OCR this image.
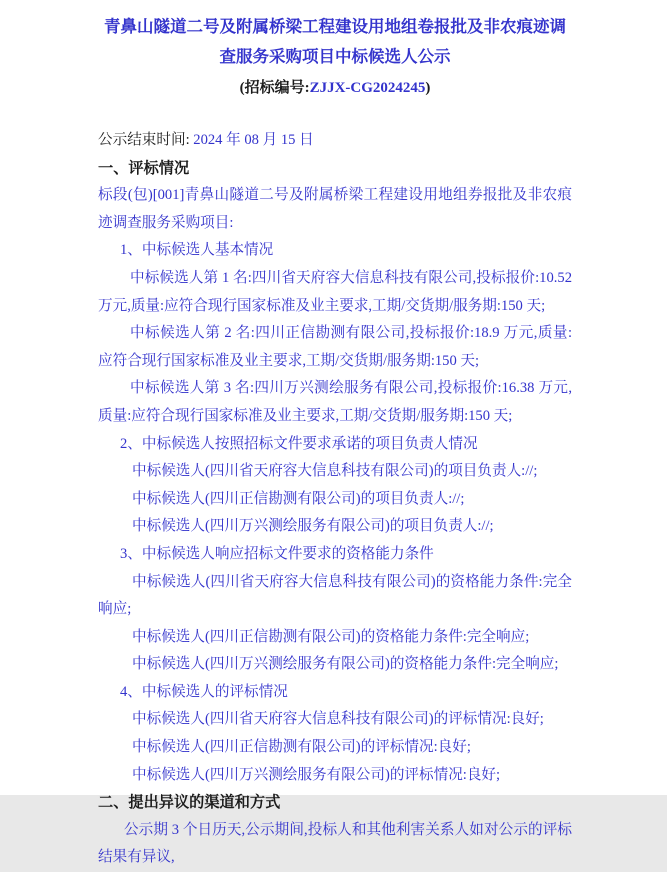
青鼻山隧道二号及附属桥梁工程建设用地组卷报批及非农痕迹调查服务采购项目中标候选人公示
(招标编号:ZJJX-CG2024245)

公示结束时间: 2024 年 08 月 15 日

一、评标情况

标段(包)[001]青鼻山隧道二号及附属桥梁工程建设用地组券报批及非农痕迹调查服务采购项目:

1、中标候选人基本情况

中标候选人第 1 名:四川省天府容大信息科技有限公司,投标报价:10.52 万元,质量:应符合现行国家标准及业主要求,工期/交货期/服务期:150 天;

中标候选人第 2 名:四川正信勘测有限公司,投标报价:18.9 万元,质量:应符合现行国家标准及业主要求,工期/交货期/服务期:150 天;

中标候选人第 3 名:四川万兴测绘服务有限公司,投标报价:16.38 万元,质量:应符合现行国家标准及业主要求,工期/交货期/服务期:150 天;

2、中标候选人按照招标文件要求承诺的项目负责人情况

中标候选人(四川省天府容大信息科技有限公司)的项目负责人://;

中标候选人(四川正信勘测有限公司)的项目负责人://;

中标候选人(四川万兴测绘服务有限公司)的项目负责人://;

3、中标候选人响应招标文件要求的资格能力条件

中标候选人(四川省天府容大信息科技有限公司)的资格能力条件:完全响应;

中标候选人(四川正信勘测有限公司)的资格能力条件:完全响应;

中标候选人(四川万兴测绘服务有限公司)的资格能力条件:完全响应;

4、中标候选人的评标情况

中标候选人(四川省天府容大信息科技有限公司)的评标情况:良好;

中标候选人(四川正信勘测有限公司)的评标情况:良好;

中标候选人(四川万兴测绘服务有限公司)的评标情况:良好;

二、提出异议的渠道和方式

公示期 3 个日历天,公示期间,投标人和其他利害关系人如对公示的评标结果有异议,
